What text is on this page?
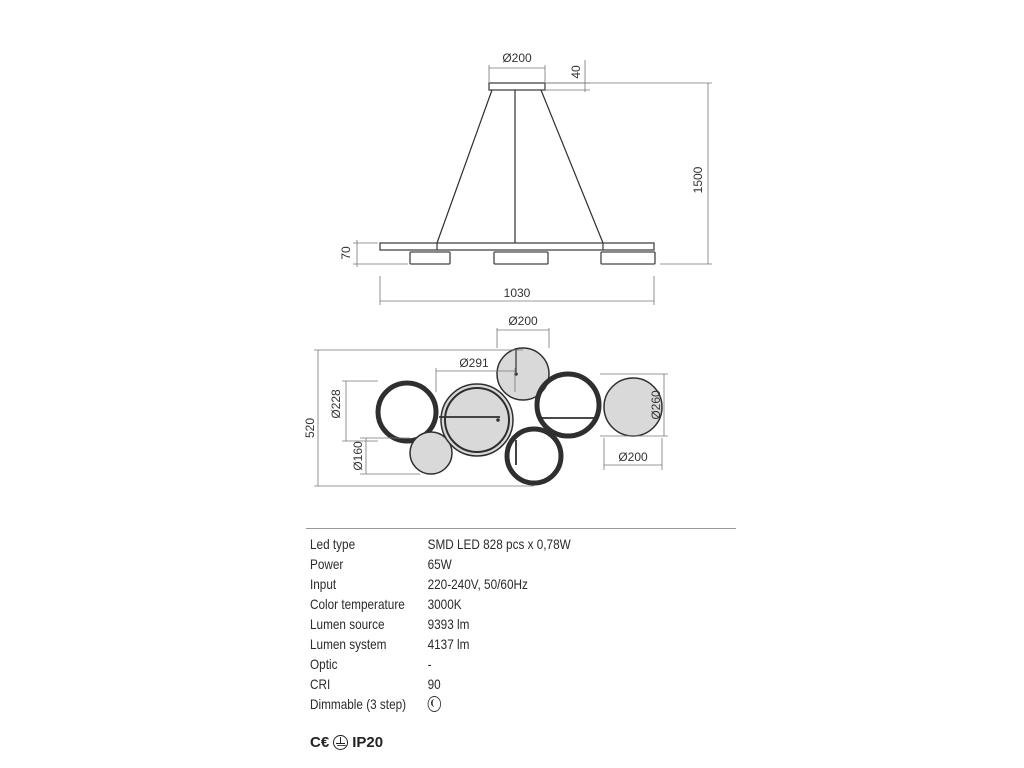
Ø200
40
1500
70
1030
Ø200
Ø291
520
Ø228
Ø160
Ø260
Ø200
Led type	SMD LED 828 pcs x 0,78W
Power	65W
Input	220-240V, 50/60Hz
Color temperature	3000K
Lumen source	9393 lm
Lumen system	4137 lm
Optic	-
CRI	90
Dimmable (3 step)
C€ IP20
